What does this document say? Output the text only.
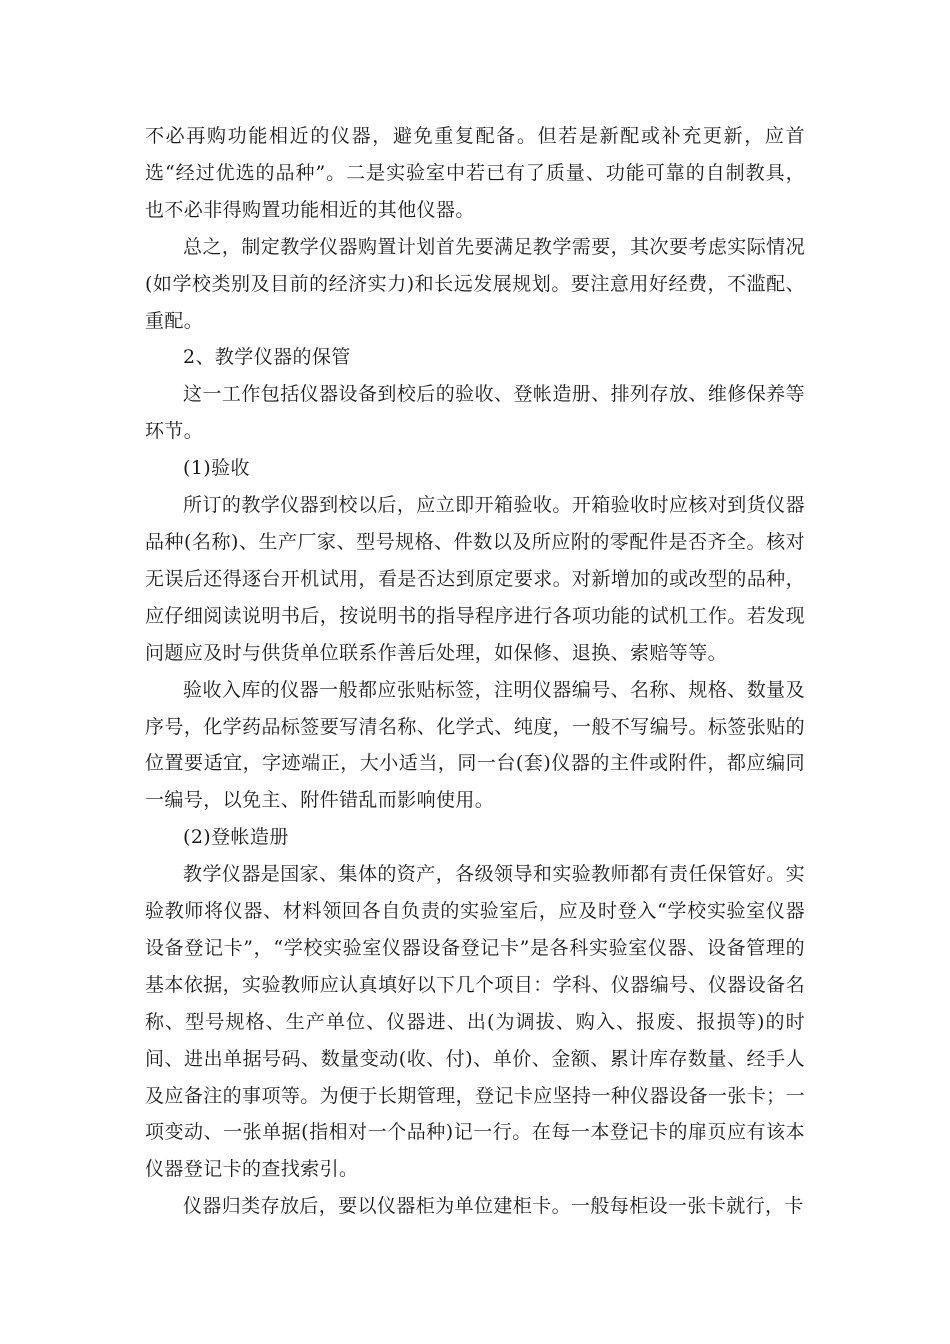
不必再购功能相近的仪器，避免重复配备。但若是新配或补充更新，应首选“经过优选的品种”。二是实验室中若已有了质量、功能可靠的自制教具，也不必非得购置功能相近的其他仪器。

总之，制定教学仪器购置计划首先要满足教学需要，其次要考虑实际情况(如学校类别及目前的经济实力)和长远发展规划。要注意用好经费，不滥配、重配。

2、教学仪器的保管

这一工作包括仪器设备到校后的验收、登帐造册、排列存放、维修保养等环节。

(1)验收

所订的教学仪器到校以后，应立即开箱验收。开箱验收时应核对到货仪器品种(名称)、生产厂家、型号规格、件数以及所应附的零配件是否齐全。核对无误后还得逐台开机试用，看是否达到原定要求。对新增加的或改型的品种，应仔细阅读说明书后，按说明书的指导程序进行各项功能的试机工作。若发现问题应及时与供货单位联系作善后处理，如保修、退换、索赔等等。

验收入库的仪器一般都应张贴标签，注明仪器编号、名称、规格、数量及序号，化学药品标签要写清名称、化学式、纯度，一般不写编号。标签张贴的位置要适宜，字迹端正，大小适当，同一台(套)仪器的主件或附件，都应编同一编号，以免主、附件错乱而影响使用。

(2)登帐造册

教学仪器是国家、集体的资产，各级领导和实验教师都有责任保管好。实验教师将仪器、材料领回各自负责的实验室后，应及时登入“学校实验室仪器设备登记卡”，“学校实验室仪器设备登记卡”是各科实验室仪器、设备管理的基本依据，实验教师应认真填好以下几个项目：学科、仪器编号、仪器设备名称、型号规格、生产单位、仪器进、出(为调拔、购入、报废、报损等)的时间、进出单据号码、数量变动(收、付)、单价、金额、累计库存数量、经手人及应备注的事项等。为便于长期管理，登记卡应坚持一种仪器设备一张卡；一项变动、一张单据(指相对一个品种)记一行。在每一本登记卡的扉页应有该本仪器登记卡的查找索引。

仪器归类存放后，要以仪器柜为单位建柜卡。一般每柜设一张卡就行，卡
